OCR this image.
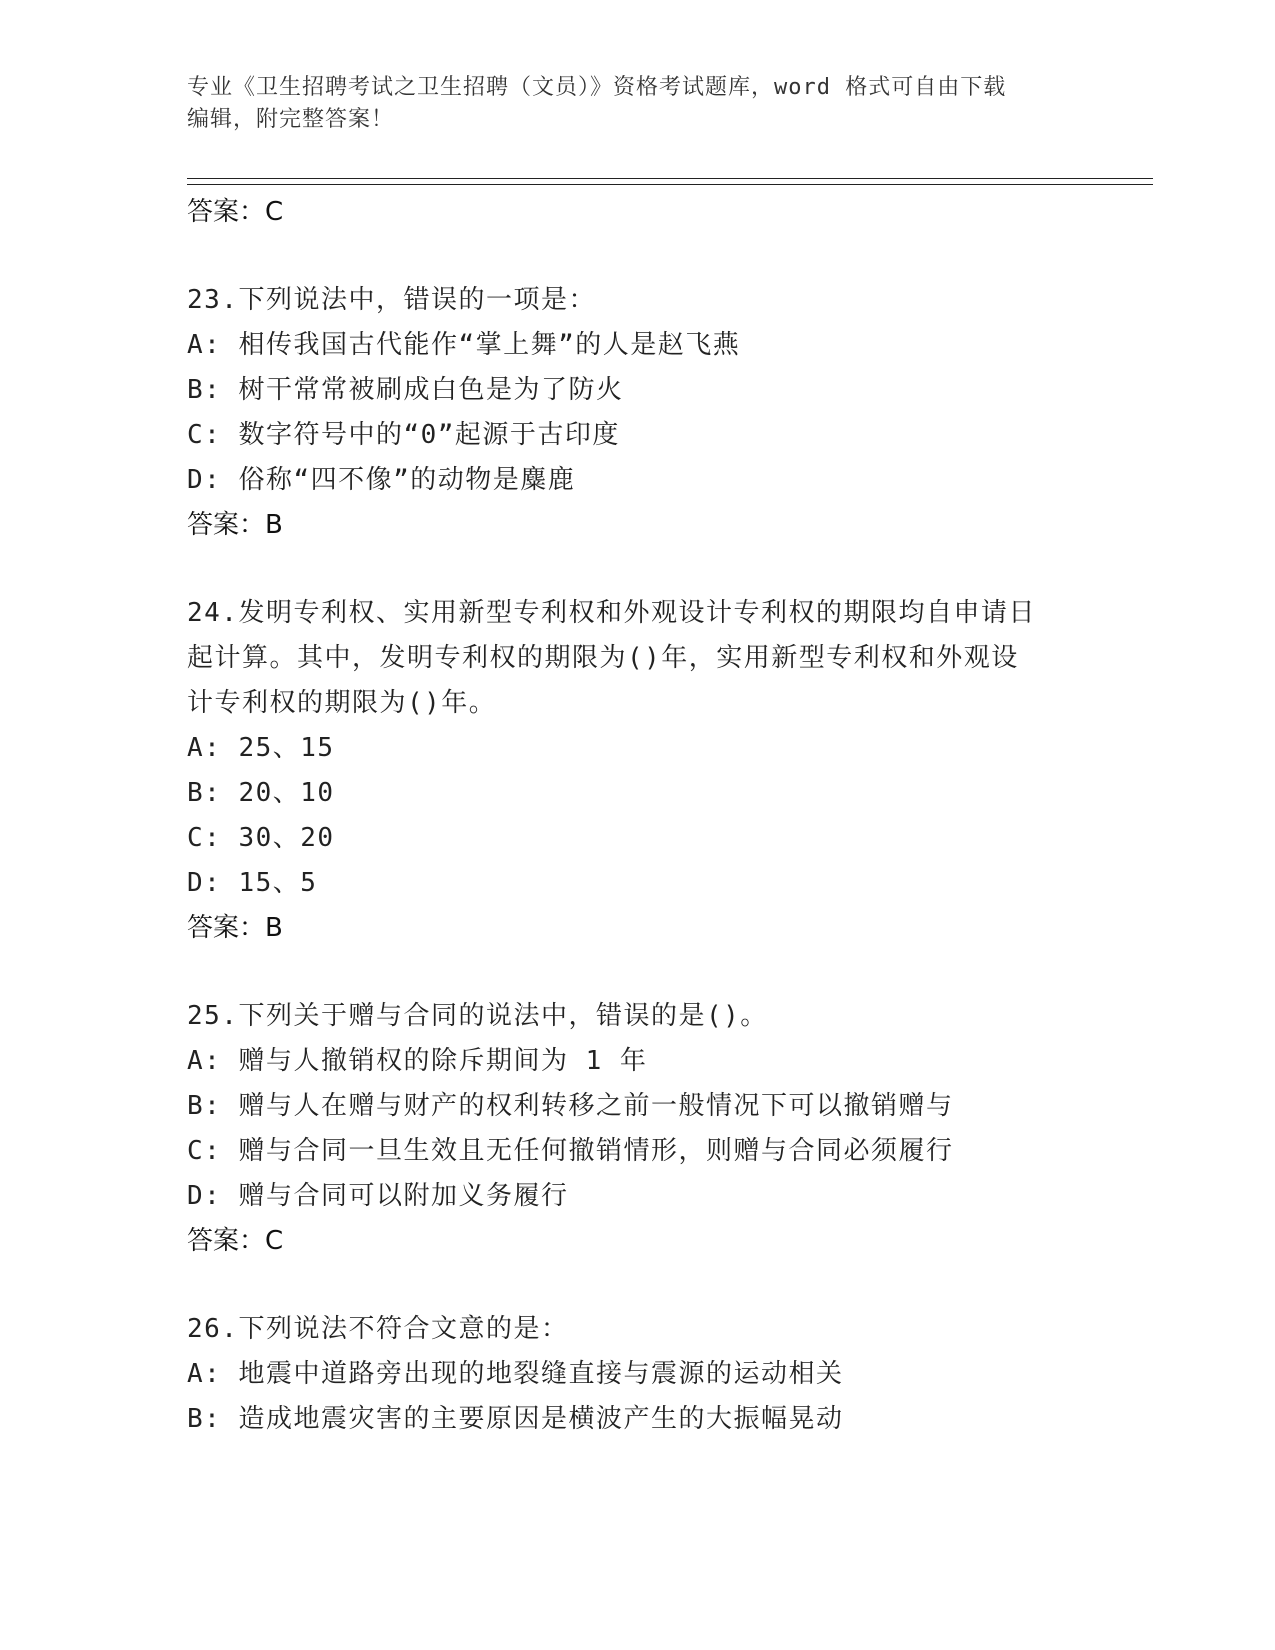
专业《卫生招聘考试之卫生招聘（文员）》资格考试题库，word 格式可自由下载
编辑，附完整答案！

答案：C

23.下列说法中，错误的一项是：

A: 相传我国古代能作“掌上舞”的人是赵飞燕

B: 树干常常被刷成白色是为了防火

C: 数字符号中的“0”起源于古印度

D: 俗称“四不像”的动物是麋鹿

答案：B

24.发明专利权、实用新型专利权和外观设计专利权的期限均自申请日

起计算。其中，发明专利权的期限为()年，实用新型专利权和外观设

计专利权的期限为()年。

A: 25、15

B: 20、10

C: 30、20

D: 15、5

答案：B

25.下列关于赠与合同的说法中，错误的是()。

A: 赠与人撤销权的除斥期间为 1 年

B: 赠与人在赠与财产的权利转移之前一般情况下可以撤销赠与

C: 赠与合同一旦生效且无任何撤销情形，则赠与合同必须履行

D: 赠与合同可以附加义务履行

答案：C

26.下列说法不符合文意的是：

A: 地震中道路旁出现的地裂缝直接与震源的运动相关

B: 造成地震灾害的主要原因是横波产生的大振幅晃动
